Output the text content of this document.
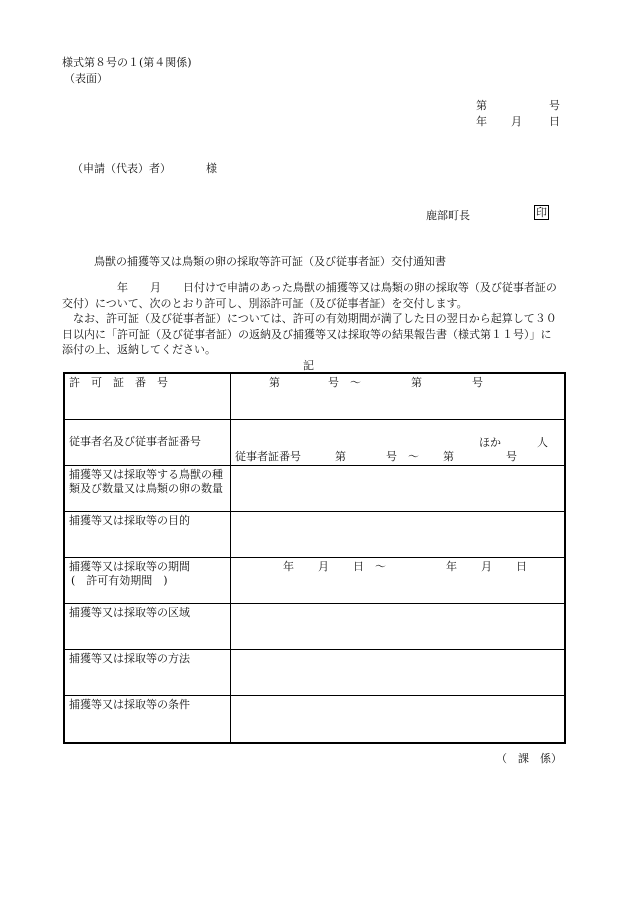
様式第８号の１(第４関係)
（表面）
第	号
年 月 日
（申請（代表）者）	様
鹿部町長	印
鳥獣の捕獲等又は鳥類の卵の採取等許可証（及び従事者証）交付通知書

年 月 日付けで申請のあった鳥獣の捕獲等又は鳥類の卵の採取等（及び従事者証の交付）について、次のとおり許可し、別添許可証（及び従事者証）を交付します。

なお、許可証（及び従事者証）については、許可の有効期間が満了した日の翌日から起算して３０日以内に「許可証（及び従事者証）の返納及び捕獲等又は採取等の結果報告書（様式第１１号）」に添付の上、返納してください。

記
許　可　証　番　号	第 号　～ 第 号
従事者名及び従事者証番号	ほか 人
従事者証番号 第 号　～ 第 号

捕獲等又は採取等する鳥獣の種類及び数量又は鳥類の卵の数量	
捕獲等又は採取等の目的	

捕獲等又は採取等の期間
(　許可有効期間　)	年 月 日　～ 年 月 日
捕獲等又は採取等の区域	
捕獲等又は採取等の方法	
捕獲等又は採取等の条件	
（　課　係）
